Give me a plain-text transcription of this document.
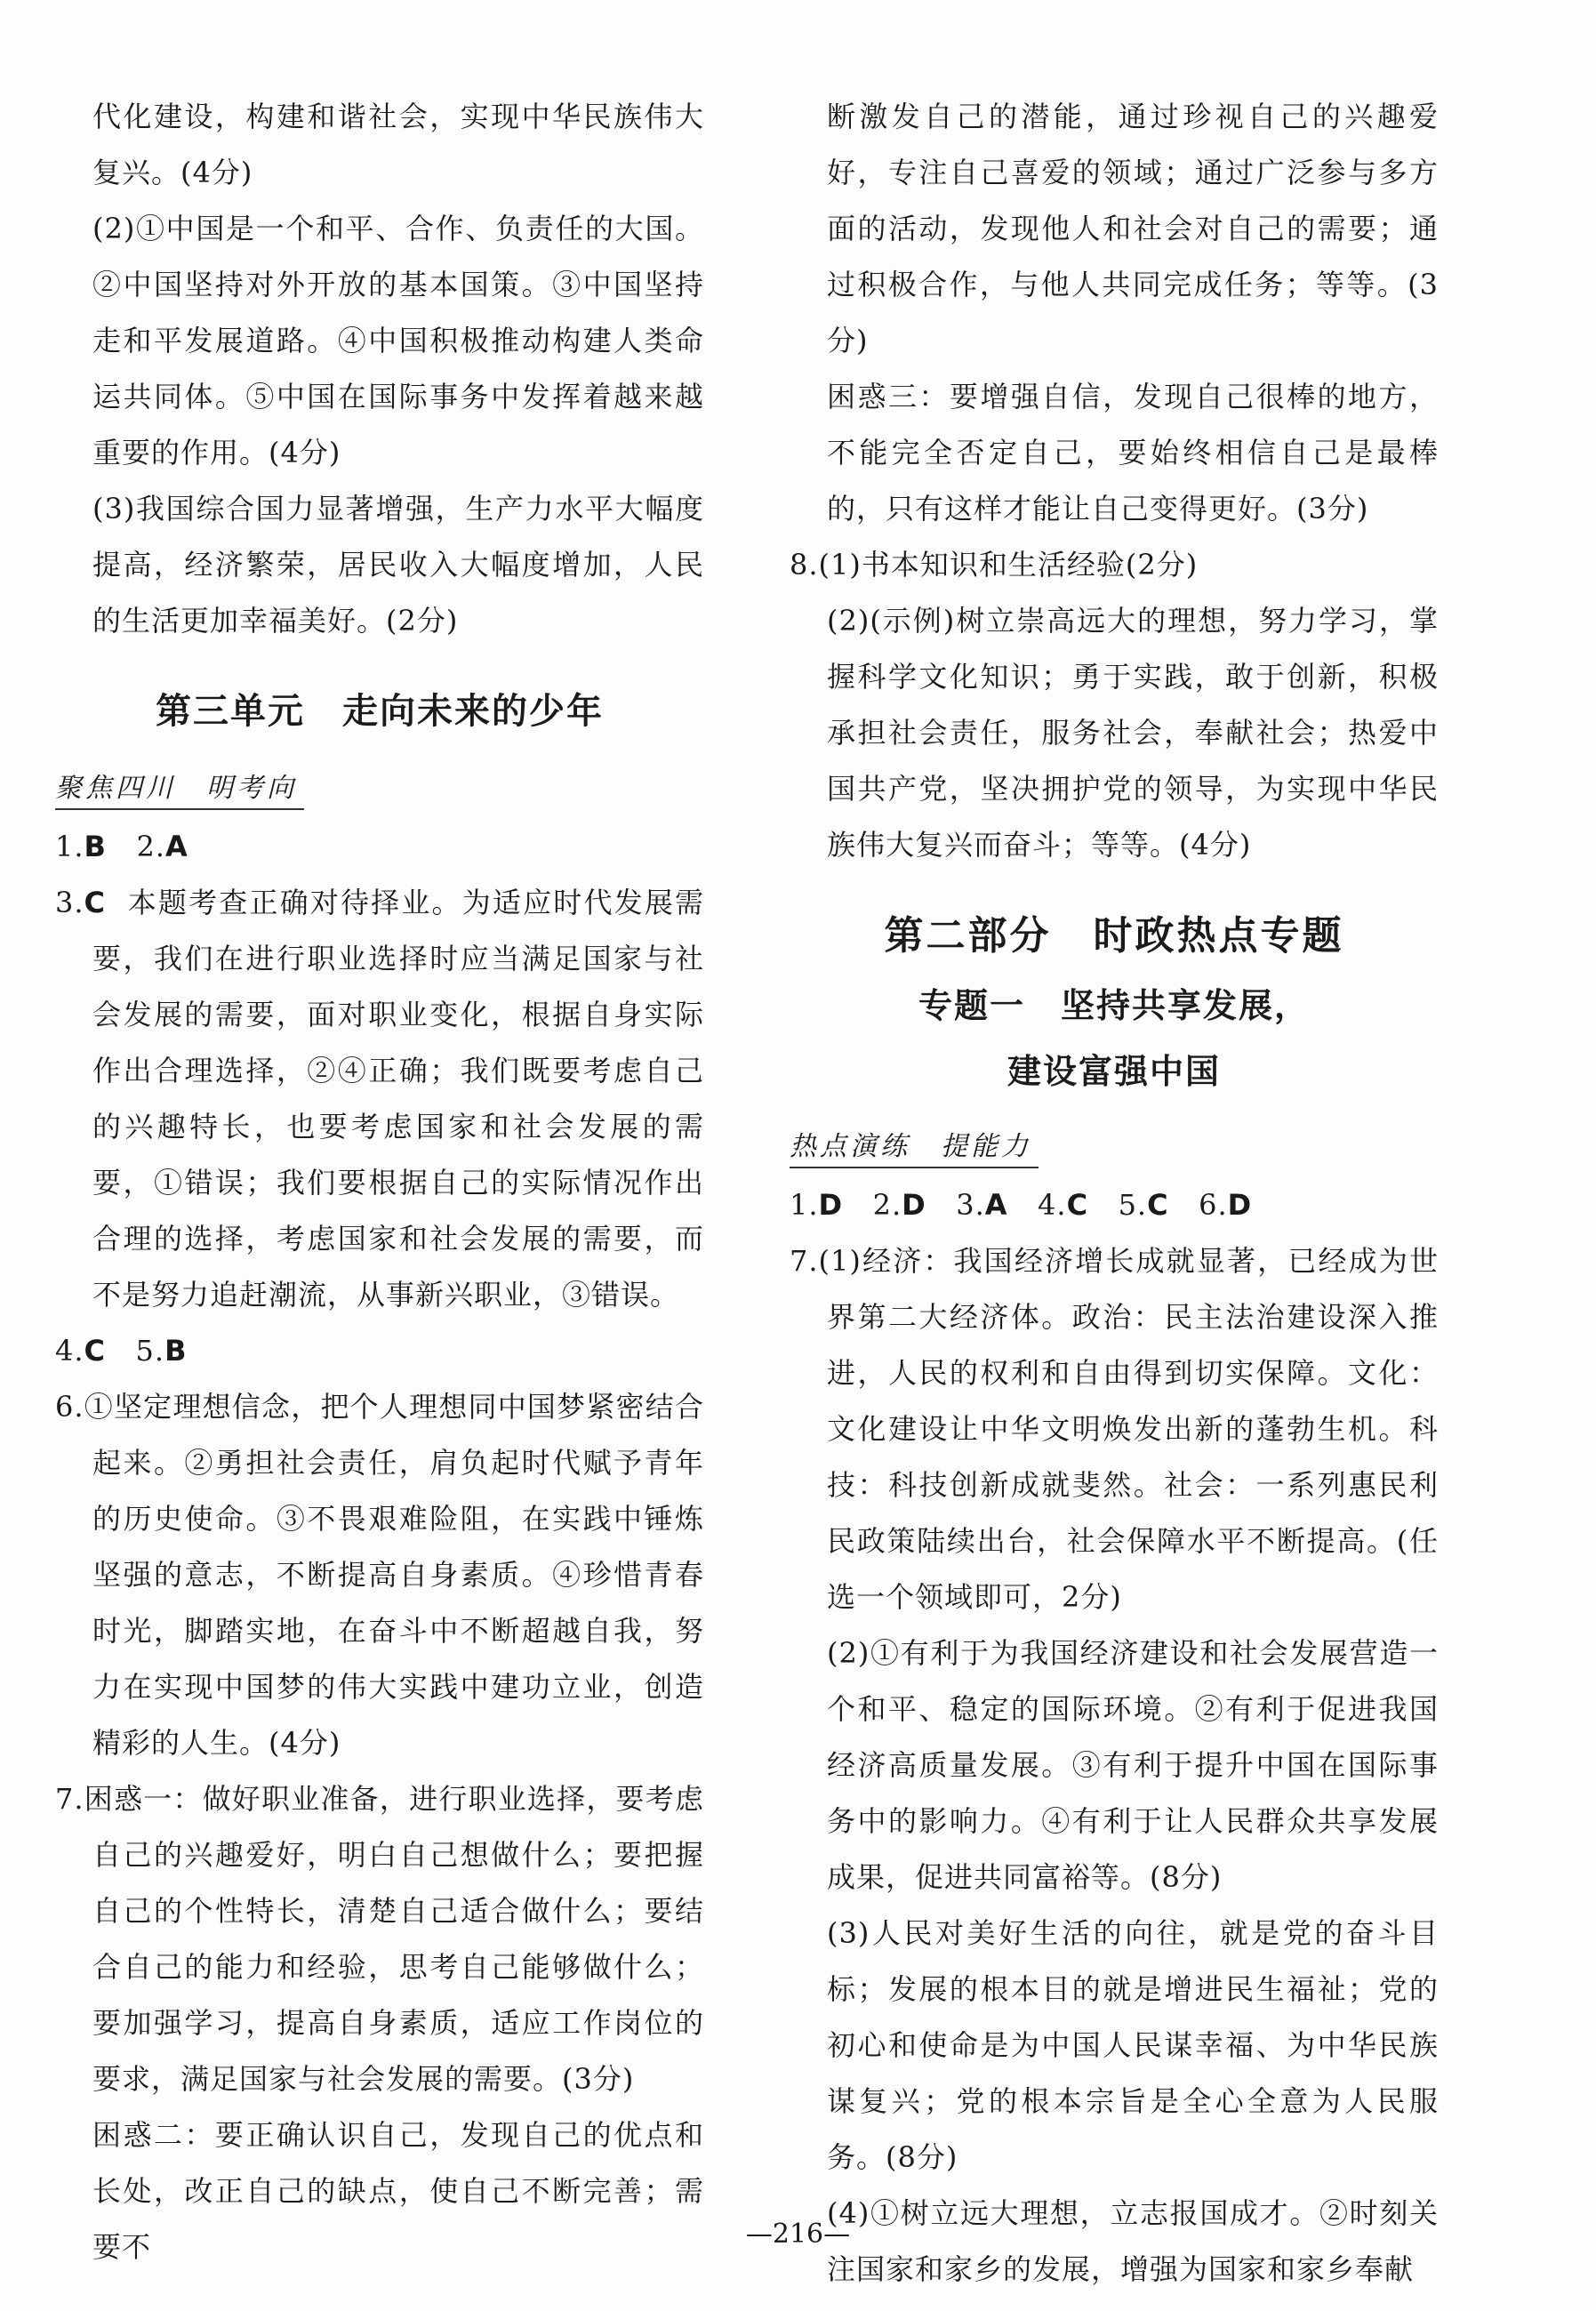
代化建设，构建和谐社会，实现中华民族伟大复兴。(4分)

(2)①中国是一个和平、合作、负责任的大国。②中国坚持对外开放的基本国策。③中国坚持走和平发展道路。④中国积极推动构建人类命运共同体。⑤中国在国际事务中发挥着越来越重要的作用。(4分)

(3)我国综合国力显著增强，生产力水平大幅度提高，经济繁荣，居民收入大幅度增加，人民的生活更加幸福美好。(2分)

第三单元　走向未来的少年
聚焦四川　明考向

1.B 2.A

3.C 本题考查正确对待择业。为适应时代发展需要，我们在进行职业选择时应当满足国家与社会发展的需要，面对职业变化，根据自身实际作出合理选择，②④正确；我们既要考虑自己的兴趣特长，也要考虑国家和社会发展的需要，①错误；我们要根据自己的实际情况作出合理的选择，考虑国家和社会发展的需要，而不是努力追赶潮流，从事新兴职业，③错误。

4.C 5.B

6.①坚定理想信念，把个人理想同中国梦紧密结合起来。②勇担社会责任，肩负起时代赋予青年的历史使命。③不畏艰难险阻，在实践中锤炼坚强的意志，不断提高自身素质。④珍惜青春时光，脚踏实地，在奋斗中不断超越自我，努力在实现中国梦的伟大实践中建功立业，创造精彩的人生。(4分)

7.困惑一：做好职业准备，进行职业选择，要考虑自己的兴趣爱好，明白自己想做什么；要把握自己的个性特长，清楚自己适合做什么；要结合自己的能力和经验，思考自己能够做什么；要加强学习，提高自身素质，适应工作岗位的要求，满足国家与社会发展的需要。(3分)

困惑二：要正确认识自己，发现自己的优点和长处，改正自己的缺点，使自己不断完善；需要不

断激发自己的潜能，通过珍视自己的兴趣爱好，专注自己喜爱的领域；通过广泛参与多方面的活动，发现他人和社会对自己的需要；通过积极合作，与他人共同完成任务；等等。(3分)

困惑三：要增强自信，发现自己很棒的地方，不能完全否定自己，要始终相信自己是最棒的，只有这样才能让自己变得更好。(3分)

8.(1)书本知识和生活经验(2分)

(2)(示例)树立崇高远大的理想，努力学习，掌握科学文化知识；勇于实践，敢于创新，积极承担社会责任，服务社会，奉献社会；热爱中国共产党，坚决拥护党的领导，为实现中华民族伟大复兴而奋斗；等等。(4分)

第二部分　时政热点专题
专题一　坚持共享发展，
建设富强中国
热点演练　提能力

1.D 2.D 3.A 4.C 5.C 6.D

7.(1)经济：我国经济增长成就显著，已经成为世界第二大经济体。政治：民主法治建设深入推进，人民的权利和自由得到切实保障。文化：文化建设让中华文明焕发出新的蓬勃生机。科技：科技创新成就斐然。社会：一系列惠民利民政策陆续出台，社会保障水平不断提高。(任选一个领域即可，2分)

(2)①有利于为我国经济建设和社会发展营造一个和平、稳定的国际环境。②有利于促进我国经济高质量发展。③有利于提升中国在国际事务中的影响力。④有利于让人民群众共享发展成果，促进共同富裕等。(8分)

(3)人民对美好生活的向往，就是党的奋斗目标；发展的根本目的就是增进民生福祉；党的初心和使命是为中国人民谋幸福、为中华民族谋复兴；党的根本宗旨是全心全意为人民服务。(8分)

(4)①树立远大理想，立志报国成才。②时刻关注国家和家乡的发展，增强为国家和家乡奉献

—216—
